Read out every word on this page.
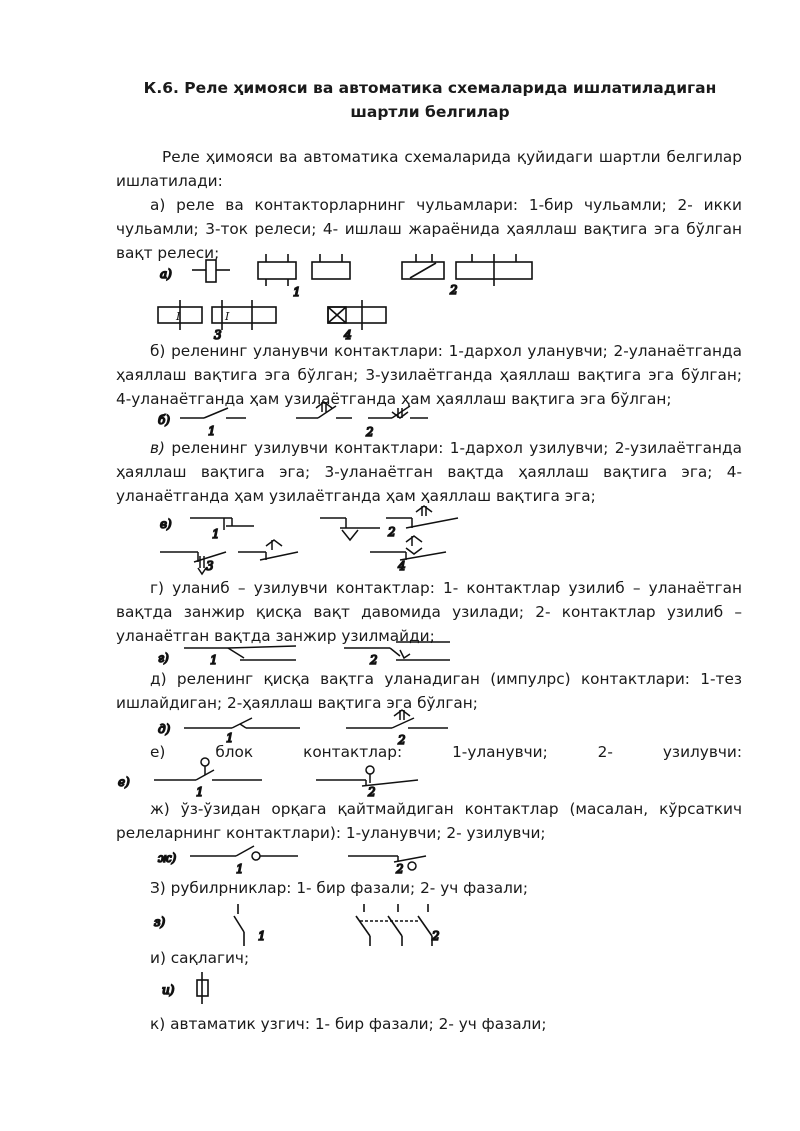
К.6. Реле ҳимояси ва автоматика схемаларида ишлатиладиган шартли белгилар

Реле ҳимояси ва автоматика схемаларида қуйидаги шартли белгилар ишлатилади:

а) реле ва контакторларнинг чульамлари: 1-бир чульамли; 2- икки чульамли; 3-ток релеси; 4- ишлаш жараёнида ҳаяллаш вақтига эга бўлган вақт релеси;

а)
1	2
3	4
I	I

б) реленинг уланувчи контактлари: 1-дархол уланувчи; 2-уланаётганда ҳаяллаш вақтига эга бўлган; 3-узилаётганда ҳаяллаш вақтига эга бўлган; 4-уланаётганда ҳам узилаётганда ҳам ҳаяллаш вақтига эга бўлган;

б)
1	2

в) реленинг узилувчи контактлари: 1-дархол узилувчи; 2-узилаётганда ҳаяллаш вақтига эга; 3-уланаётган вақтда ҳаяллаш вақтига эга; 4-уланаётганда ҳам узилаётганда ҳам ҳаяллаш вақтига эга;

в)
1	2
3	4

г) уланиб – узилувчи контактлар: 1- контактлар узилиб – уланаётган вақтда занжир қисқа вақт давомида узилади; 2- контактлар узилиб – уланаётган вақтда занжир узилмайди;

г)	1	2

д) реленинг қисқа вақтга уланадиган (импулрс) контактлари: 1-тез ишлайдиган; 2-ҳаяллаш вақтига эга бўлган;

д)
1	2

е) блок контактлар: 1-уланувчи; 2- узилувчи:

е)
1	2

ж) ўз-ўзидан орқага қайтмайдиган контактлар (масалан, кўрсаткич релеларнинг контактлари): 1-уланувчи; 2- узилувчи;

ж)
1	2

З) рубилрниклар: 1- бир фазали; 2- уч фазали;

з)
1	2

и) сақлагич;

и)

к) автаматик узгич: 1- бир фазали; 2- уч фазали;
